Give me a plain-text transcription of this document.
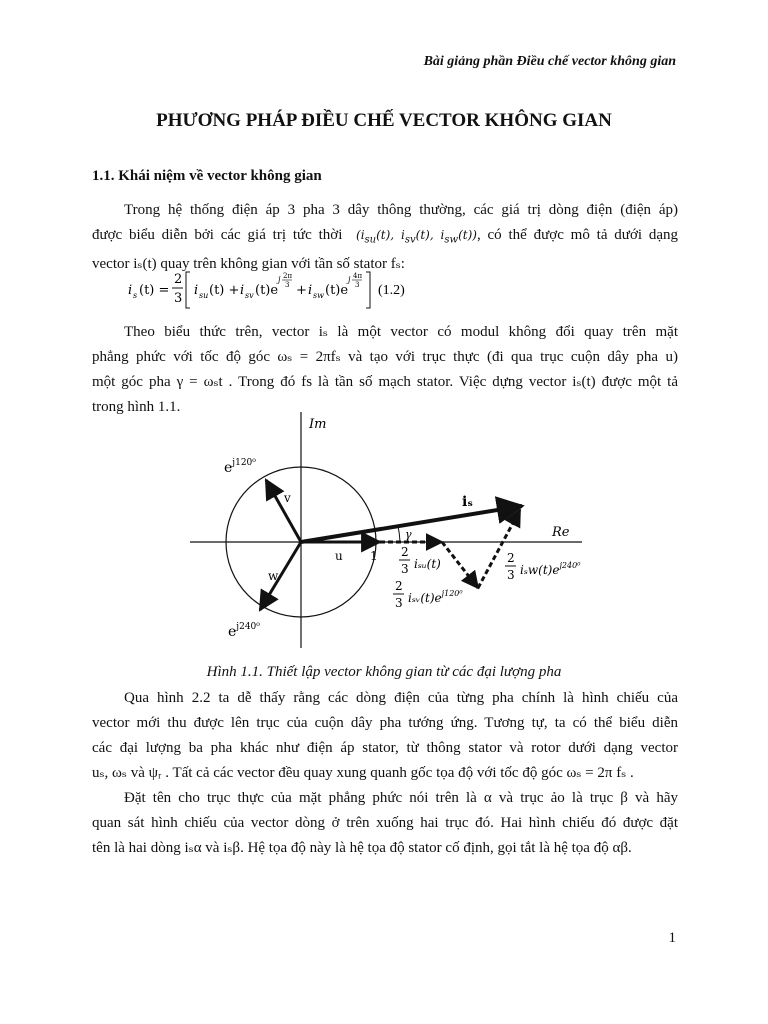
Bài giảng phần Điều chế vector không gian
PHƯƠNG PHÁP ĐIỀU CHẾ VECTOR KHÔNG GIAN
1.1. Khái niệm về vector không gian
Trong hệ thống điện áp 3 pha 3 dây thông thường, các giá trị dòng điện (điện áp)
được biểu diễn bởi các giá trị tức thời ($i_{su}(t)$, $i_{sv}(t)$, $i_{sw}(t)$), có thể được mô tả dưới dạng
vector iₛ(t) quay trên không gian với tần số stator fₛ:
i s (t) =
2
3
i su (t) + i sv (t)e
j 2π
3 + i sw (t)e
j 4π
3 (1.2)
Theo biểu thức trên, vector iₛ là một vector có modul không đổi quay trên mặt
phẳng phức với tốc độ góc ωₛ = 2πfₛ và tạo với trục thực (đi qua trục cuộn dây pha u)
một góc pha γ = ωₛt . Trong đó fs là tần số mạch stator. Việc dựng vector iₛ(t) được một tả
trong hình 1.1.
Im
Re
$e^{j120^0}$
$e^{j240^0}$
v
w
u 1
iₛ
γ
2
3 iₛᵤ(t)
2
3 $i_sᵥ(t)e^{j120^0}$
2
3 $i_sw(t)e^{j240^0}$
Hình 1.1. Thiết lập vector không gian từ các đại lượng pha
Qua hình 2.2 ta dễ thấy rằng các dòng điện của từng pha chính là hình chiếu của
vector mới thu được lên trục của cuộn dây pha tướng ứng. Tương tự, ta có thể biểu diễn
các đại lượng ba pha khác như điện áp stator, từ thông stator và rotor dưới dạng vector
uₛ, ωₛ và ψᵣ . Tất cả các vector đều quay xung quanh gốc tọa độ với tốc độ góc ωₛ = 2π fₛ .
Đặt tên cho trục thực của mặt phẳng phức nói trên là α và trục ảo là trục β và hãy
quan sát hình chiếu của vector dòng ở trên xuống hai trục đó. Hai hình chiếu đó được đặt
tên là hai dòng iₛα và iₛβ. Hệ tọa độ này là hệ tọa độ stator cố định, gọi tắt là hệ tọa độ αβ.
1
